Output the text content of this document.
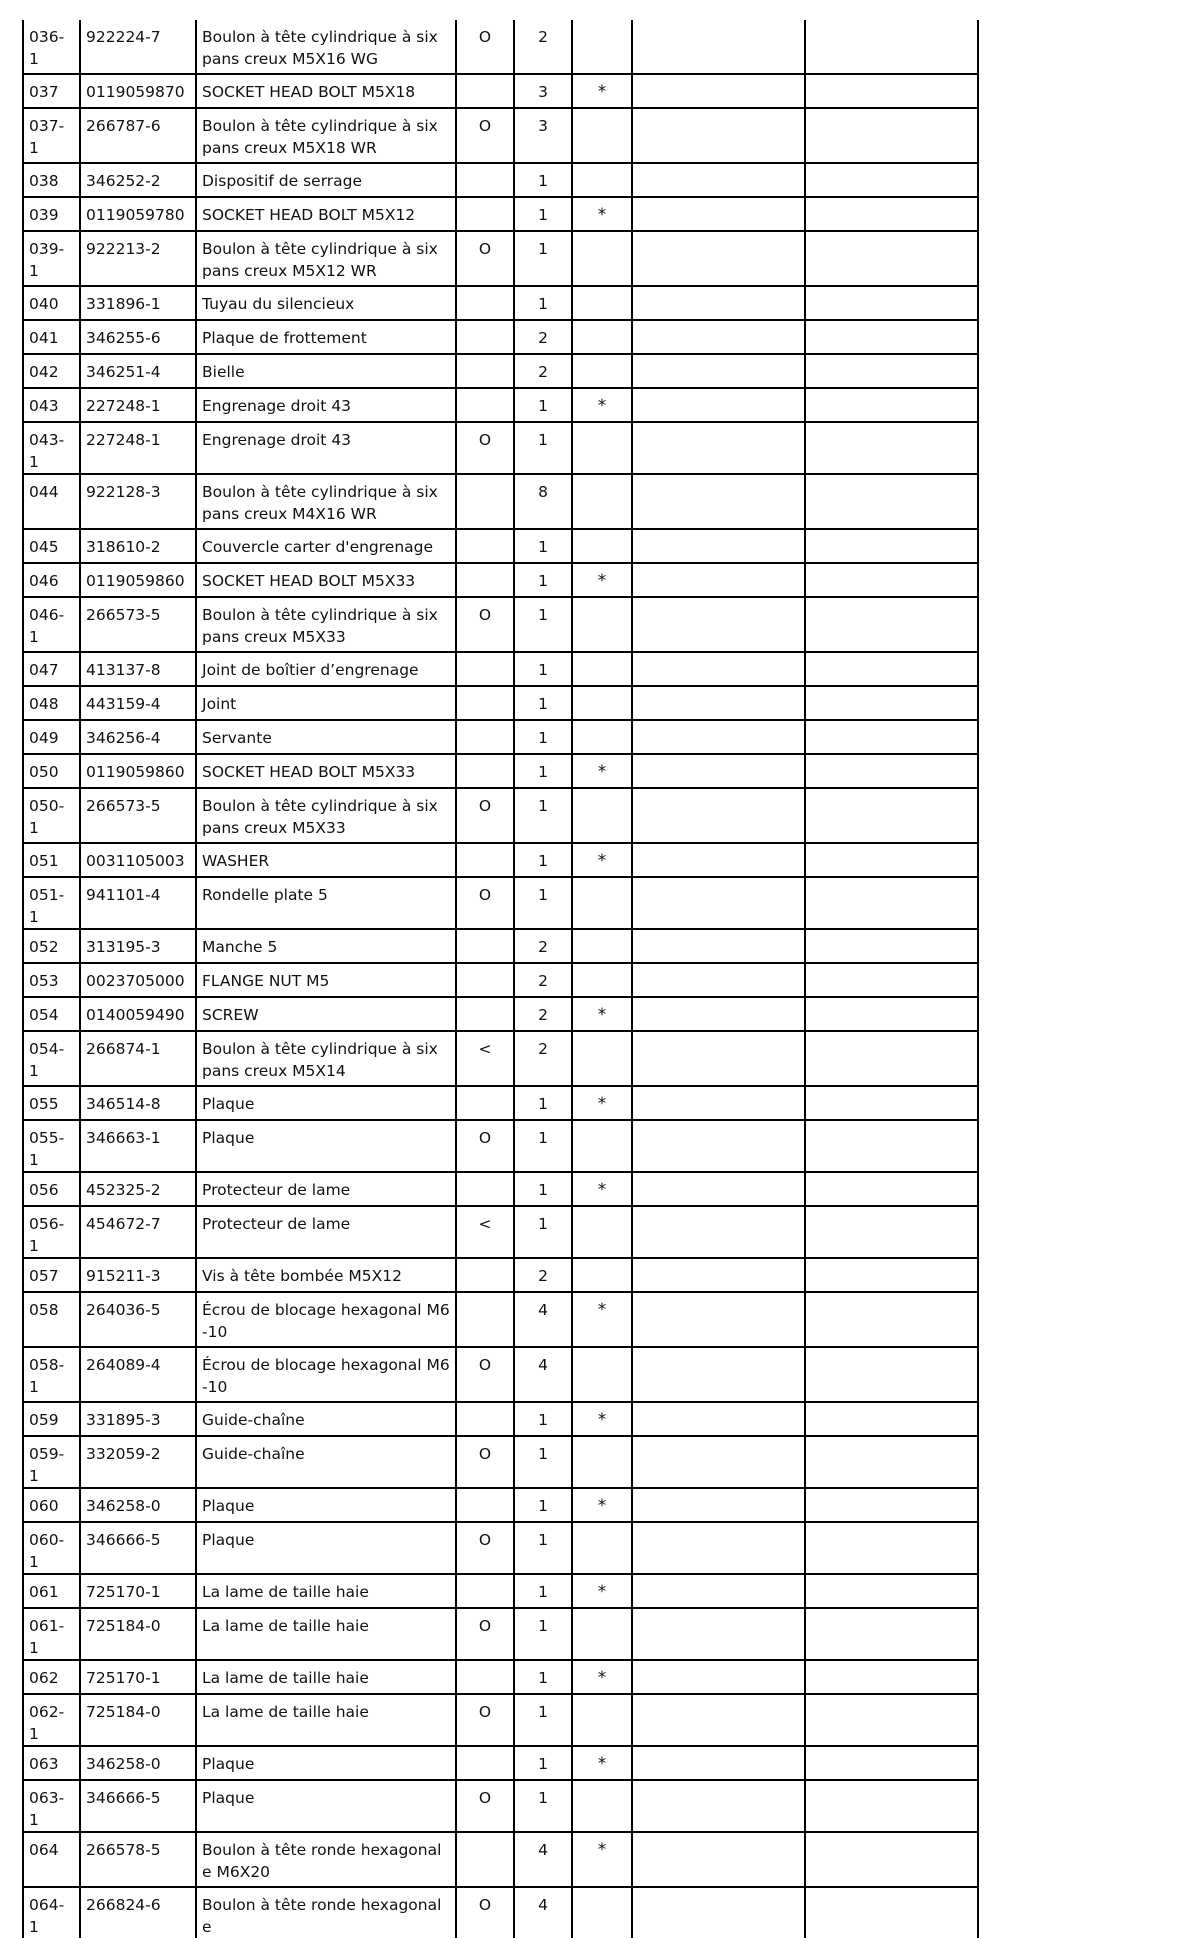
036-1	922224-7	Boulon à tête cylindrique à six pans creux M5X16 WG	O	2			
037	0119059870	SOCKET HEAD BOLT M5X18		3	*		
037-1	266787-6	Boulon à tête cylindrique à six pans creux M5X18 WR	O	3			
038	346252-2	Dispositif de serrage		1			
039	0119059780	SOCKET HEAD BOLT M5X12		1	*		
039-1	922213-2	Boulon à tête cylindrique à six pans creux M5X12 WR	O	1			
040	331896-1	Tuyau du silencieux		1			
041	346255-6	Plaque de frottement		2			
042	346251-4	Bielle		2			
043	227248-1	Engrenage droit 43		1	*		
043-1	227248-1	Engrenage droit 43	O	1			
044	922128-3	Boulon à tête cylindrique à six pans creux M4X16 WR		8			
045	318610-2	Couvercle carter d'engrenage		1			
046	0119059860	SOCKET HEAD BOLT M5X33		1	*		
046-1	266573-5	Boulon à tête cylindrique à six pans creux M5X33	O	1			
047	413137-8	Joint de boîtier d’engrenage		1			
048	443159-4	Joint		1			
049	346256-4	Servante		1			
050	0119059860	SOCKET HEAD BOLT M5X33		1	*		
050-1	266573-5	Boulon à tête cylindrique à six pans creux M5X33	O	1			
051	0031105003	WASHER		1	*		
051-1	941101-4	Rondelle plate 5	O	1			
052	313195-3	Manche 5		2			
053	0023705000	FLANGE NUT M5		2			
054	0140059490	SCREW		2	*		
054-1	266874-1	Boulon à tête cylindrique à six pans creux M5X14	<	2			
055	346514-8	Plaque		1	*		
055-1	346663-1	Plaque	O	1			
056	452325-2	Protecteur de lame		1	*		
056-1	454672-7	Protecteur de lame	<	1			
057	915211-3	Vis à tête bombée M5X12		2			
058	264036-5	Écrou de blocage hexagonal M6-10		4	*		
058-1	264089-4	Écrou de blocage hexagonal M6-10	O	4			
059	331895-3	Guide-chaîne		1	*		
059-1	332059-2	Guide-chaîne	O	1			
060	346258-0	Plaque		1	*		
060-1	346666-5	Plaque	O	1			
061	725170-1	La lame de taille haie		1	*		
061-1	725184-0	La lame de taille haie	O	1			
062	725170-1	La lame de taille haie		1	*		
062-1	725184-0	La lame de taille haie	O	1			
063	346258-0	Plaque		1	*		
063-1	346666-5	Plaque	O	1			
064	266578-5	Boulon à tête ronde hexagonale M6X20		4	*		
064-1	266824-6	Boulon à tête ronde hexagonale	O	4			
